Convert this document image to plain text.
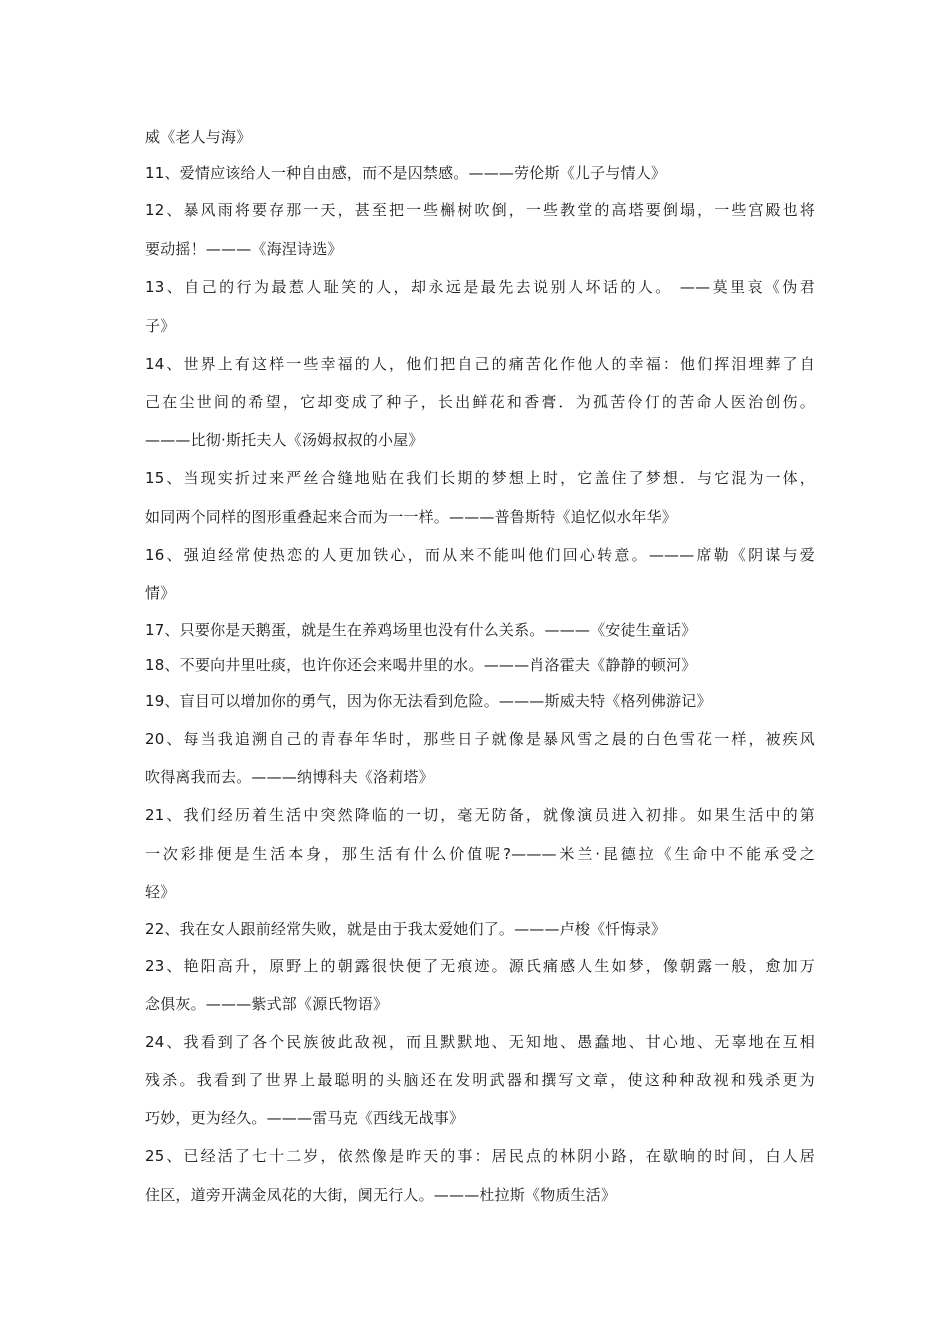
威《老人与海》
11、爱情应该给人一种自由感，而不是囚禁感。———劳伦斯《儿子与情人》
12、暴风雨将要存那一天，甚至把一些槲树吹倒，一些教堂的高塔要倒塌，一些宫殿也将
要动摇！———《海涅诗选》
13、自己的行为最惹人耻笑的人，却永远是最先去说别人坏话的人。 ——莫里哀《伪君
子》
14、世界上有这样一些幸福的人，他们把自己的痛苦化作他人的幸福：他们挥泪埋葬了自
己在尘世间的希望，它却变成了种子，长出鲜花和香膏．为孤苦伶仃的苦命人医治创伤。
———比彻·斯托夫人《汤姆叔叔的小屋》
15、当现实折过来严丝合缝地贴在我们长期的梦想上时，它盖住了梦想．与它混为一体，
如同两个同样的图形重叠起来合而为一一样。———普鲁斯特《追忆似水年华》
16、强迫经常使热恋的人更加铁心，而从来不能叫他们回心转意。———席勒《阴谋与爱
情》
17、只要你是天鹅蛋，就是生在养鸡场里也没有什么关系。———《安徒生童话》
18、不要向井里吐痰，也许你还会来喝井里的水。———肖洛霍夫《静静的顿河》
19、盲目可以增加你的勇气，因为你无法看到危险。———斯威夫特《格列佛游记》
20、每当我追溯自己的青春年华时，那些日子就像是暴风雪之晨的白色雪花一样，被疾风
吹得离我而去。———纳博科夫《洛莉塔》
21、我们经历着生活中突然降临的一切，毫无防备，就像演员进入初排。如果生活中的第
一次彩排便是生活本身，那生活有什么价值呢?———米兰·昆德拉《生命中不能承受之
轻》
22、我在女人跟前经常失败，就是由于我太爱她们了。———卢梭《忏悔录》
23、艳阳高升，原野上的朝露很快便了无痕迹。源氏痛感人生如梦，像朝露一般，愈加万
念俱灰。———紫式部《源氏物语》
24、我看到了各个民族彼此敌视，而且默默地、无知地、愚蠢地、甘心地、无辜地在互相
残杀。我看到了世界上最聪明的头脑还在发明武器和撰写文章，使这种种敌视和残杀更为
巧妙，更为经久。———雷马克《西线无战事》
25、已经活了七十二岁，依然像是昨天的事：居民点的林阴小路，在歇晌的时间，白人居
住区，道旁开满金凤花的大街，阒无行人。———杜拉斯《物质生活》
